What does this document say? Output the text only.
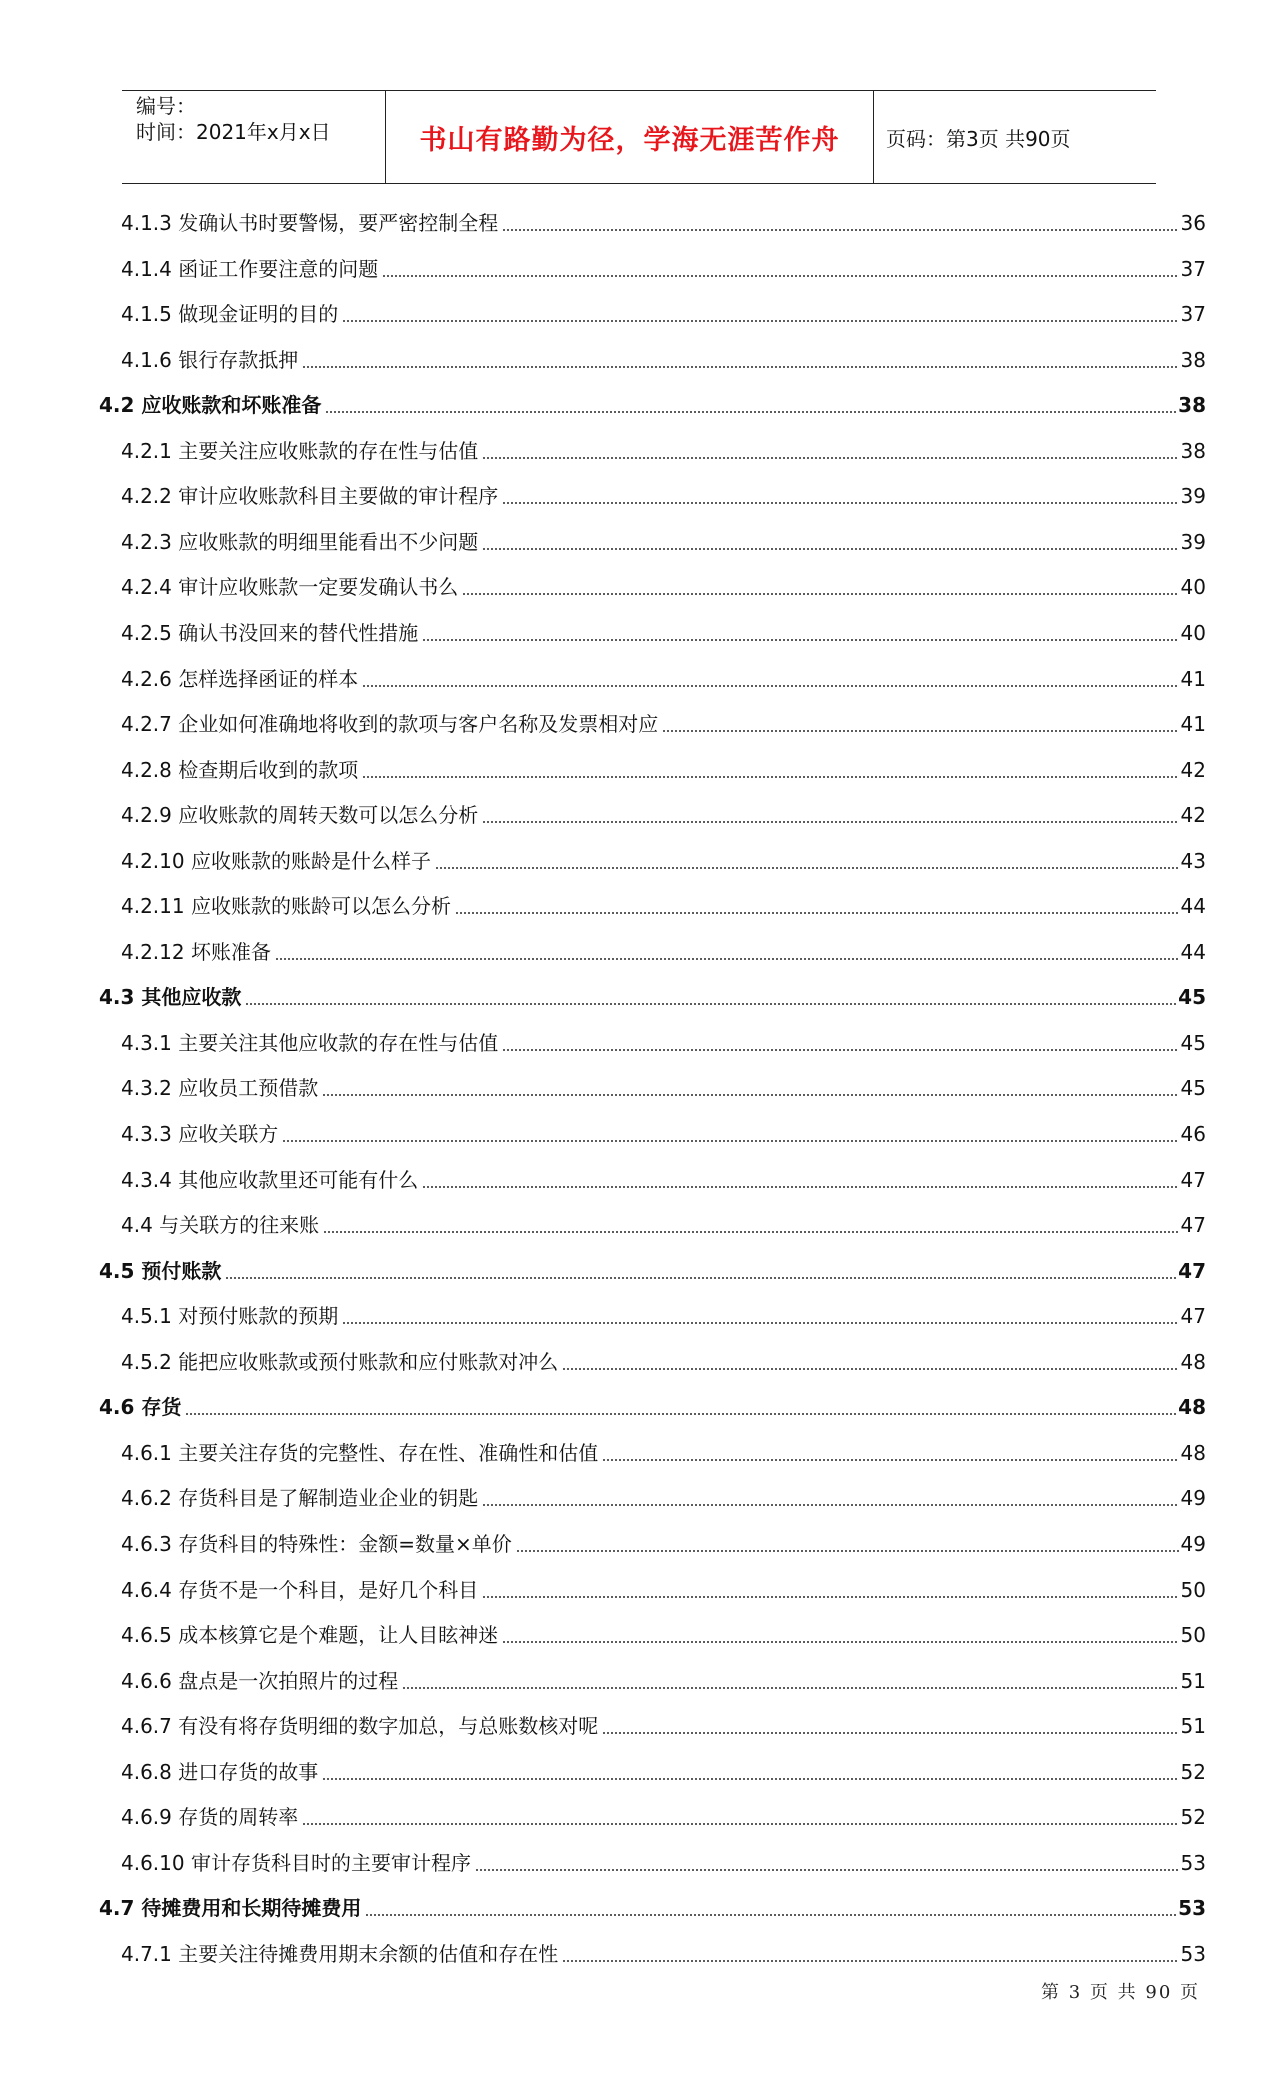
编号：
时间：2021年x月x日	书山有路勤为径，学海无涯苦作舟 页码：第3页 共90页
4.1.3 发确认书时要警惕，要严密控制全程	36
4.1.4 函证工作要注意的问题	37
4.1.5 做现金证明的目的	37
4.1.6 银行存款抵押	38
4.2 应收账款和坏账准备	38
4.2.1 主要关注应收账款的存在性与估值	38
4.2.2 审计应收账款科目主要做的审计程序	39
4.2.3 应收账款的明细里能看出不少问题	39
4.2.4 审计应收账款一定要发确认书么	40
4.2.5 确认书没回来的替代性措施	40
4.2.6 怎样选择函证的样本	41
4.2.7 企业如何准确地将收到的款项与客户名称及发票相对应	41
4.2.8 检查期后收到的款项	42
4.2.9 应收账款的周转天数可以怎么分析	42
4.2.10 应收账款的账龄是什么样子	43
4.2.11 应收账款的账龄可以怎么分析	44
4.2.12 坏账准备	44
4.3 其他应收款	45
4.3.1 主要关注其他应收款的存在性与估值	45
4.3.2 应收员工预借款	45
4.3.3 应收关联方	46
4.3.4 其他应收款里还可能有什么	47
4.4 与关联方的往来账	47
4.5 预付账款	47
4.5.1 对预付账款的预期	47
4.5.2 能把应收账款或预付账款和应付账款对冲么	48
4.6 存货	48
4.6.1 主要关注存货的完整性、存在性、准确性和估值	48
4.6.2 存货科目是了解制造业企业的钥匙	49
4.6.3 存货科目的特殊性：金额=数量×单价	49
4.6.4 存货不是一个科目，是好几个科目	50
4.6.5 成本核算它是个难题，让人目眩神迷	50
4.6.6 盘点是一次拍照片的过程	51
4.6.7 有没有将存货明细的数字加总，与总账数核对呢	51
4.6.8 进口存货的故事	52
4.6.9 存货的周转率	52
4.6.10 审计存货科目时的主要审计程序	53
4.7 待摊费用和长期待摊费用	53
4.7.1 主要关注待摊费用期末余额的估值和存在性	53
第 3 页 共 90 页
